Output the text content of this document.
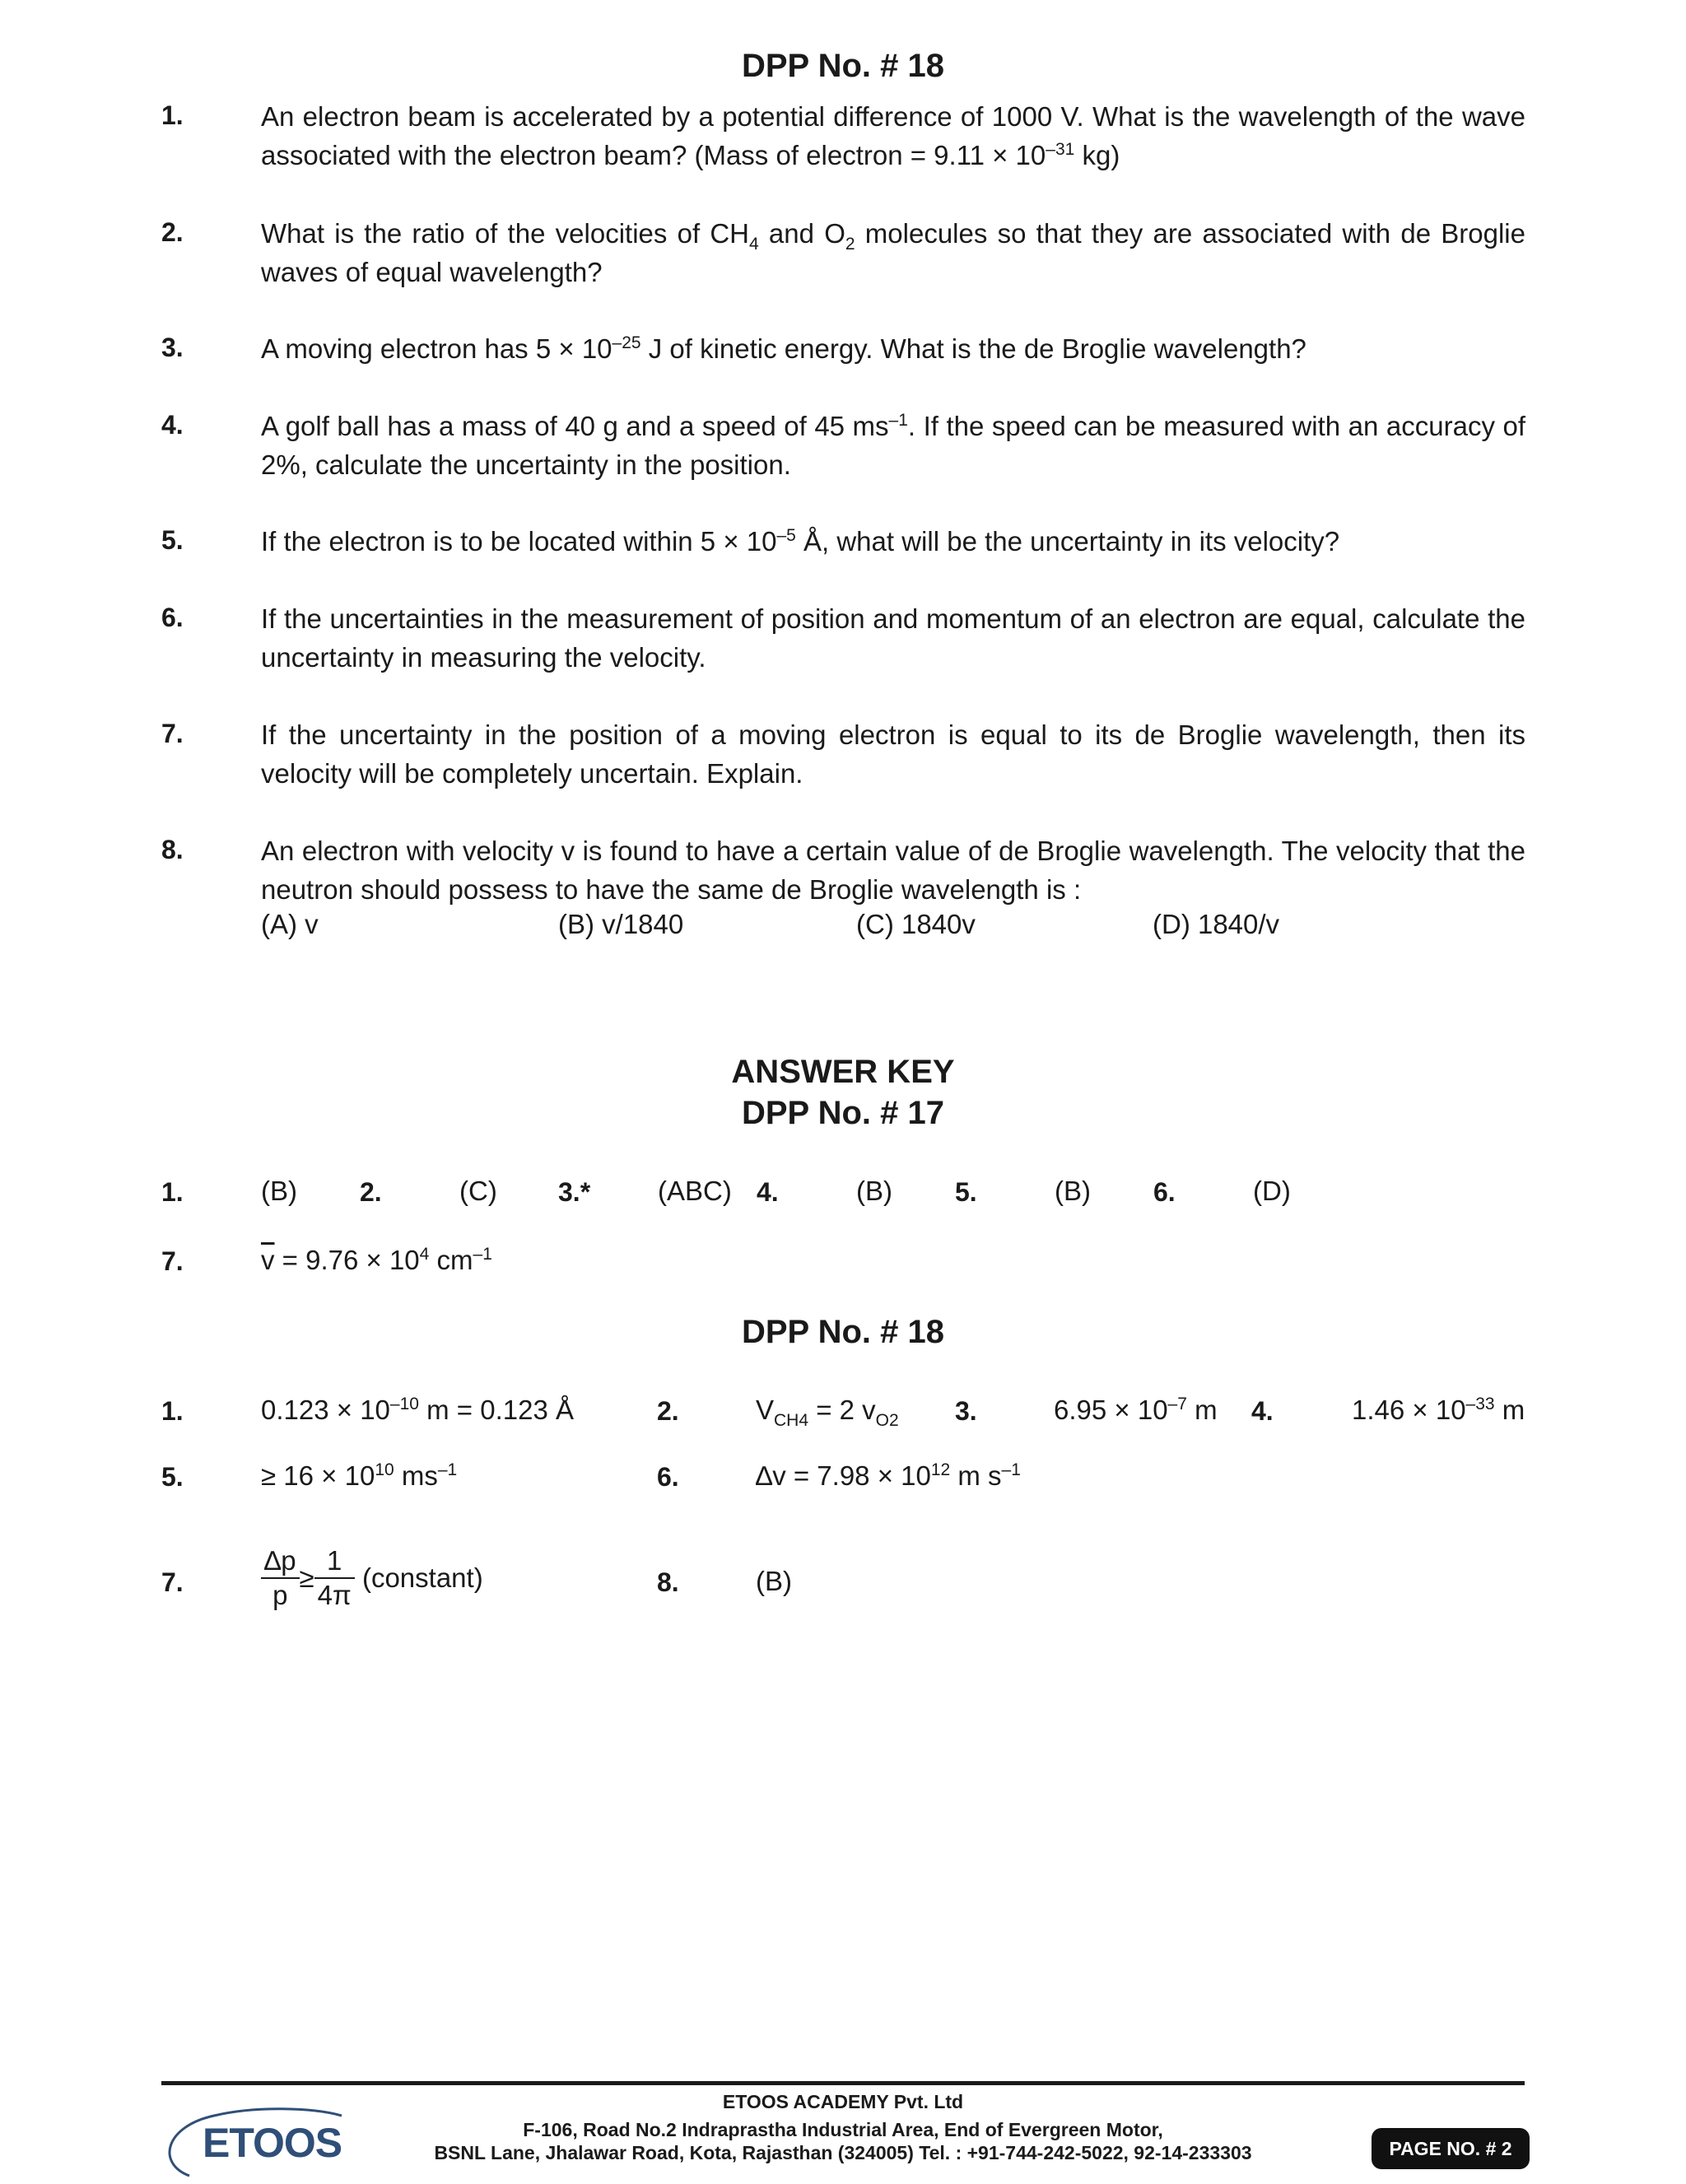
DPP No. # 18
1.	An electron beam is accelerated by a potential difference of 1000 V. What is the wavelength of the wave associated with the electron beam? (Mass of electron = $9.11 \times 10^{-31}$ kg)
2.	What is the ratio of the velocities of $CH_4$ and $O_2$ molecules so that they are associated with de Broglie waves of equal wavelength?
3.	A moving electron has $5 \times 10^{-25}$ J of kinetic energy. What is the de Broglie wavelength?
4.	A golf ball has a mass of 40 g and a speed of 45 $ms^{-1}$. If the speed can be measured with an accuracy of 2%, calculate the uncertainty in the position.
5.	If the electron is to be located within $5 \times 10^{-5}$ Å, what will be the uncertainty in its velocity?
6.	If the uncertainties in the measurement of position and momentum of an electron are equal, calculate the uncertainty in measuring the velocity.
7.	If the uncertainty in the position of a moving electron is equal to its de Broglie wavelength, then its velocity will be completely uncertain. Explain.
8.	An electron with velocity v is found to have a certain value of de Broglie wavelength. The velocity that the neutron should possess to have the same de Broglie wavelength is :
(A) v	(B) v/1840	(C) 1840v	(D) 1840/v
ANSWER KEY
DPP No. # 17
1.	(B) 2.	(C) 3.* (ABC) 4.	(B) 5.	(B) 6.	(D)
7.	$\overline{v} = 9.76 \times 10^4$ $cm^{-1}$
DPP No. # 18
1.	$0.123 \times 10^{-10}$ m = 0.123 Å	2.	$V_{CH4} = 2$ $v_{O2}$ 3.	$6.95 \times 10^{-7}$ m 4.	$1.46 \times 10^{-33}$ m
5.	≥ $16 \times 10^{10}$ $ms^{-1}$	6.	$\Delta v = 7.98 \times 10^{12}$ m $s^{-1}$
7.	$\frac{\Delta p}{p} \ge \frac{1}{4\pi}$ (constant)	8.	(B)
ETOOS
ETOOS ACADEMY Pvt. Ltd
F-106, Road No.2 Indraprastha Industrial Area, End of Evergreen Motor,
BSNL Lane, Jhalawar Road, Kota, Rajasthan (324005) Tel. : +91-744-242-5022, 92-14-233303	PAGE NO. # 2
